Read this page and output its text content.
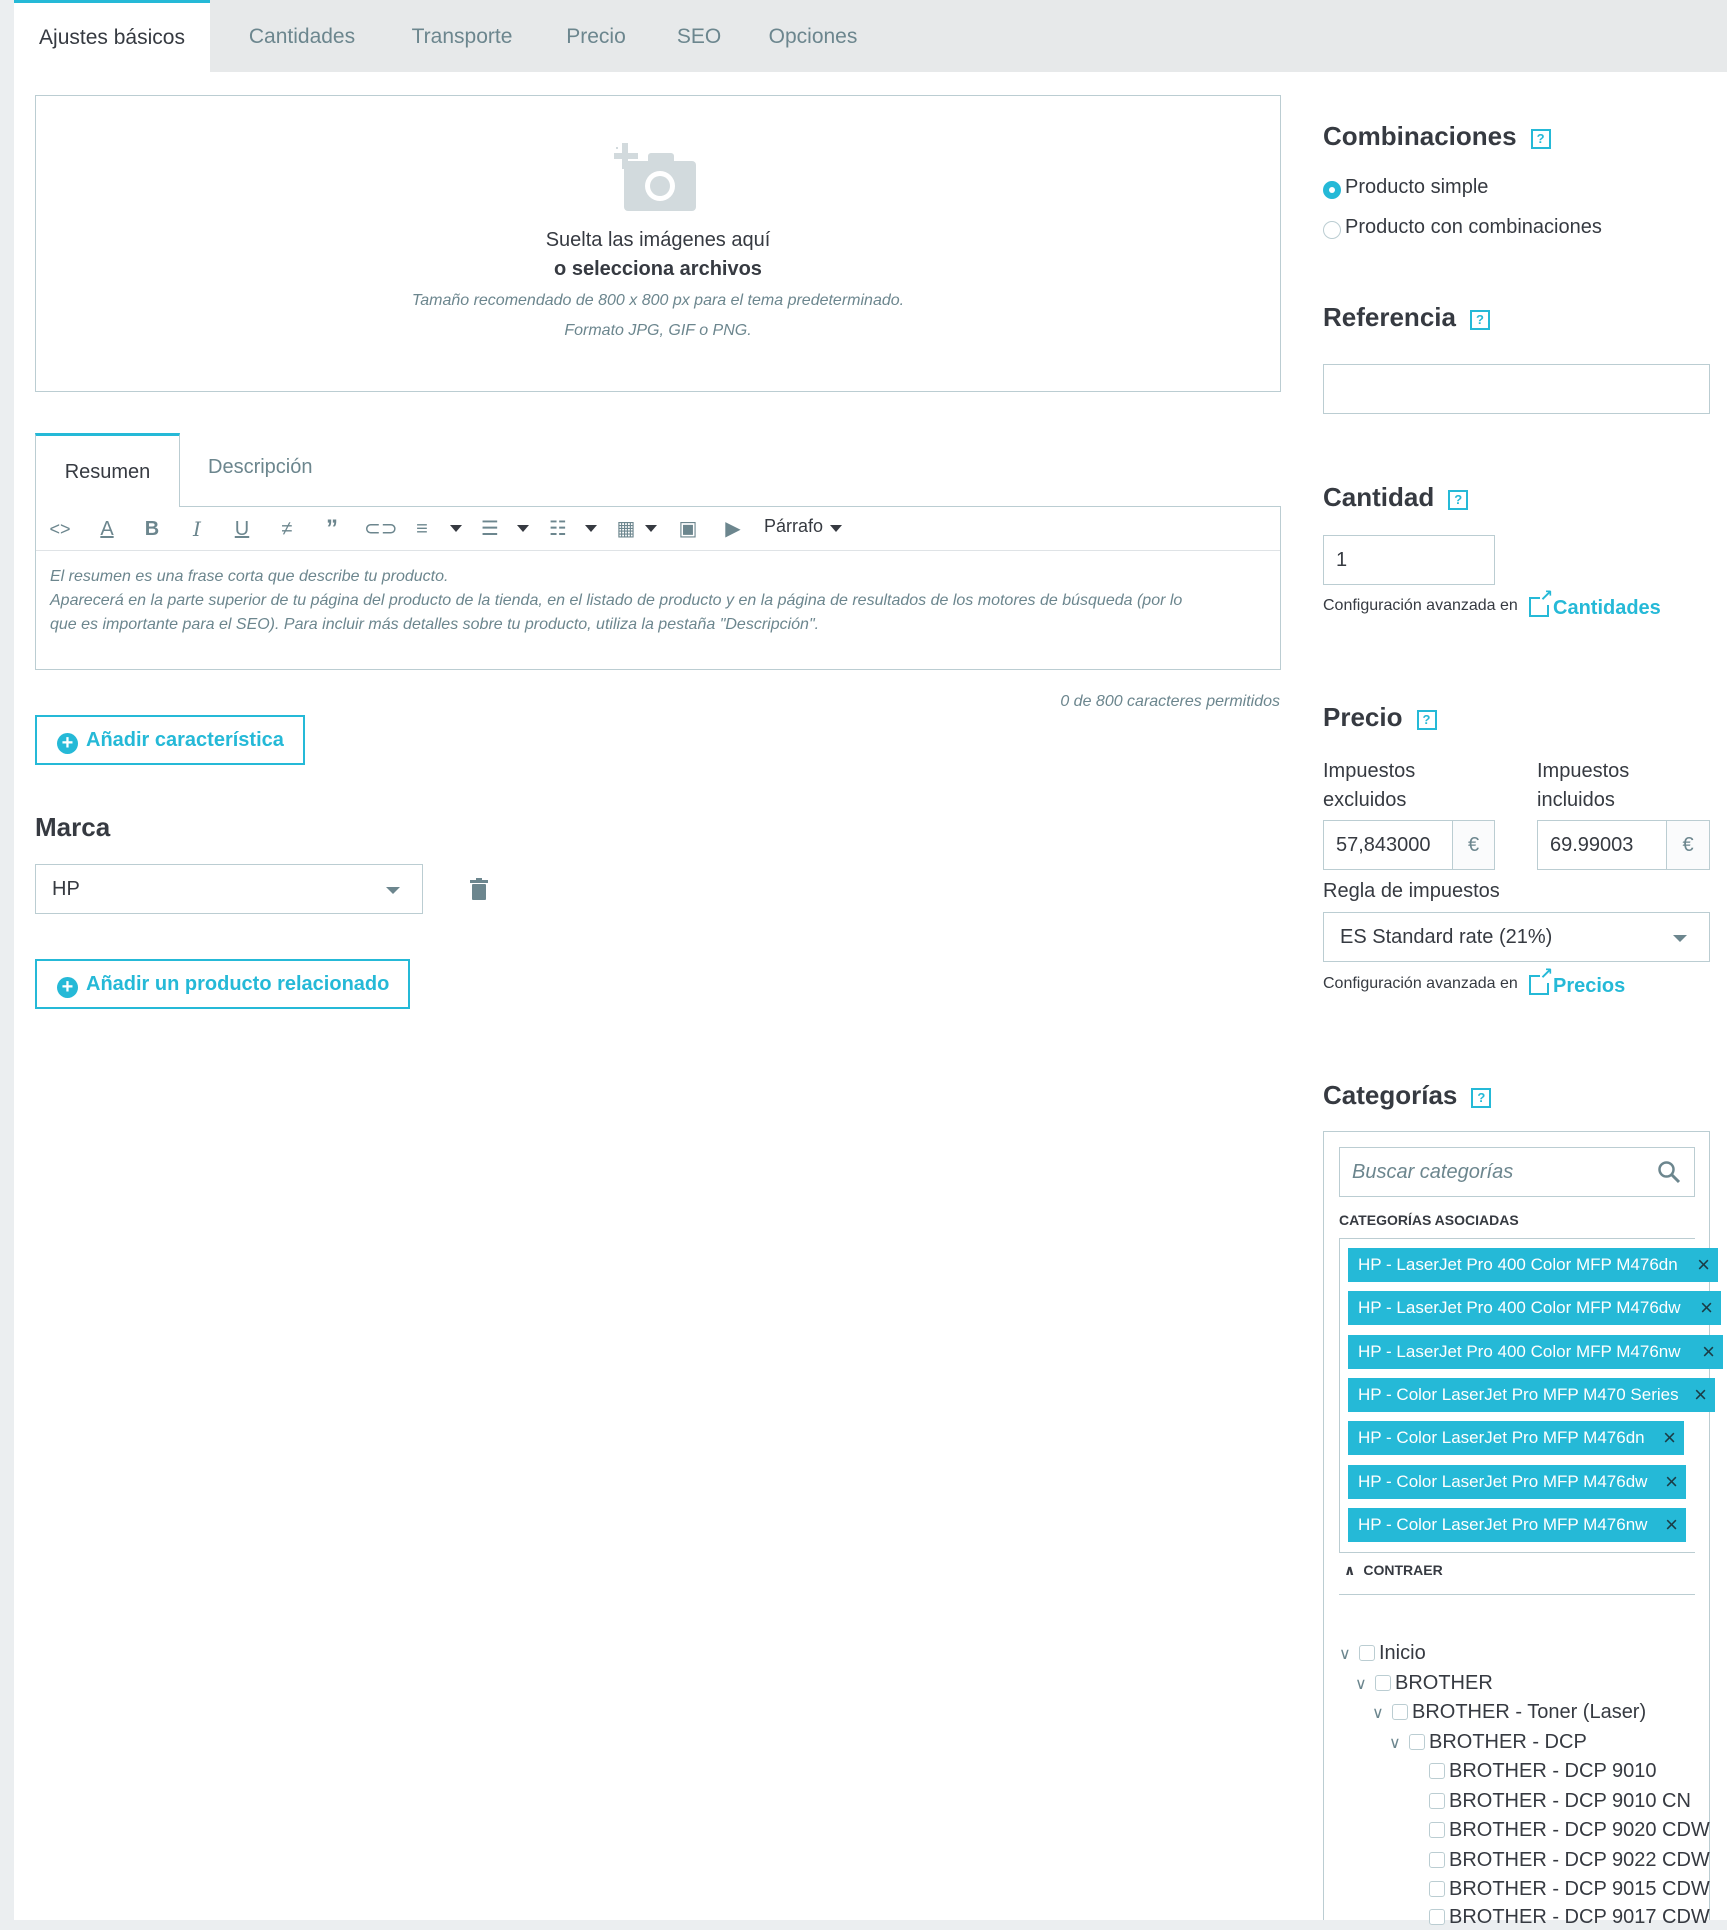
Ajustes básicos	Cantidades	Transporte	Precio	SEO	Opciones
Suelta las imágenes aquí
o selecciona archivos
Tamaño recomendado de 800 x 800 px para el tema predeterminado.
Formato JPG, GIF o PNG.
Resumen	Descripción
<>	A	B	I	U	≠	”	⊂⊃ ≡	☰	☷ ▦ ▣	▶	Párrafo
El resumen es una frase corta que describe tu producto.
Aparecerá en la parte superior de tu página del producto de la tienda, en el listado de producto y en la página de resultados de los motores de búsqueda (por lo
que es importante para el SEO). Para incluir más detalles sobre tu producto, utiliza la pestaña "Descripción".
0 de 800 caracteres permitidos
+ Añadir característica
Marca
HP
+ Añadir un producto relacionado
Combinaciones ?
Producto simple
Producto con combinaciones
Referencia ?
Cantidad ?
1
Configuración avanzada en ↗	Cantidades
Precio ?
Impuestos
excluidos
Impuestos
incluidos
57,843000	€	69.99003	€
Regla de impuestos
ES Standard rate (21%)
Configuración avanzada en ↗	Precios
Categorías ?
Buscar categorías
CATEGORÍAS ASOCIADAS
HP - LaserJet Pro 400 Color MFP M476dn ×
HP - LaserJet Pro 400 Color MFP M476dw ×
HP - LaserJet Pro 400 Color MFP M476nw ×
HP - Color LaserJet Pro MFP M470 Series ×
HP - Color LaserJet Pro MFP M476dn ×
HP - Color LaserJet Pro MFP M476dw ×
HP - Color LaserJet Pro MFP M476nw ×
∧ CONTRAER
∨ Inicio
∨ BROTHER
∨ BROTHER - Toner (Laser)
∨ BROTHER - DCP
BROTHER - DCP 9010
BROTHER - DCP 9010 CN
BROTHER - DCP 9020 CDW
BROTHER - DCP 9022 CDW
BROTHER - DCP 9015 CDW
BROTHER - DCP 9017 CDW
